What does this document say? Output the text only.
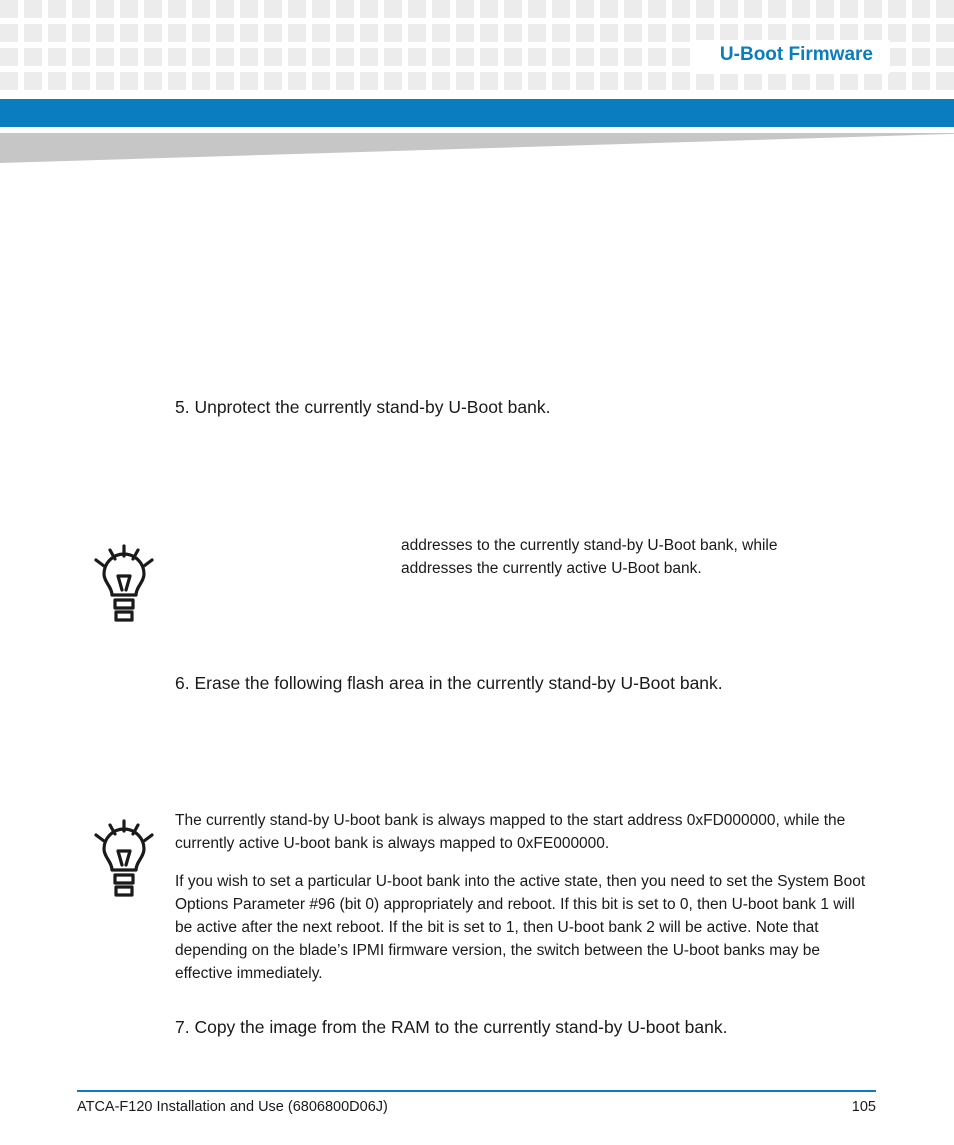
U-Boot Firmware
5. Unprotect the currently stand-by U-Boot bank.
addresses to the currently stand-by U-Boot bank, while
addresses the currently active U-Boot bank.
6. Erase the following flash area in the currently stand-by U-Boot bank.

The currently stand-by U-boot bank is always mapped to the start address 0xFD000000, while the currently active U-boot bank is always mapped to 0xFE000000.

If you wish to set a particular U-boot bank into the active state, then you need to set the System Boot Options Parameter #96 (bit 0) appropriately and reboot. If this bit is set to 0, then U-boot bank 1 will be active after the next reboot. If the bit is set to 1, then U-boot bank 2 will be active. Note that depending on the blade’s IPMI firmware version, the switch between the U-boot banks may be effective immediately.

7. Copy the image from the RAM to the currently stand-by U-boot bank.
ATCA-F120 Installation and Use (6806800D06J)	105
